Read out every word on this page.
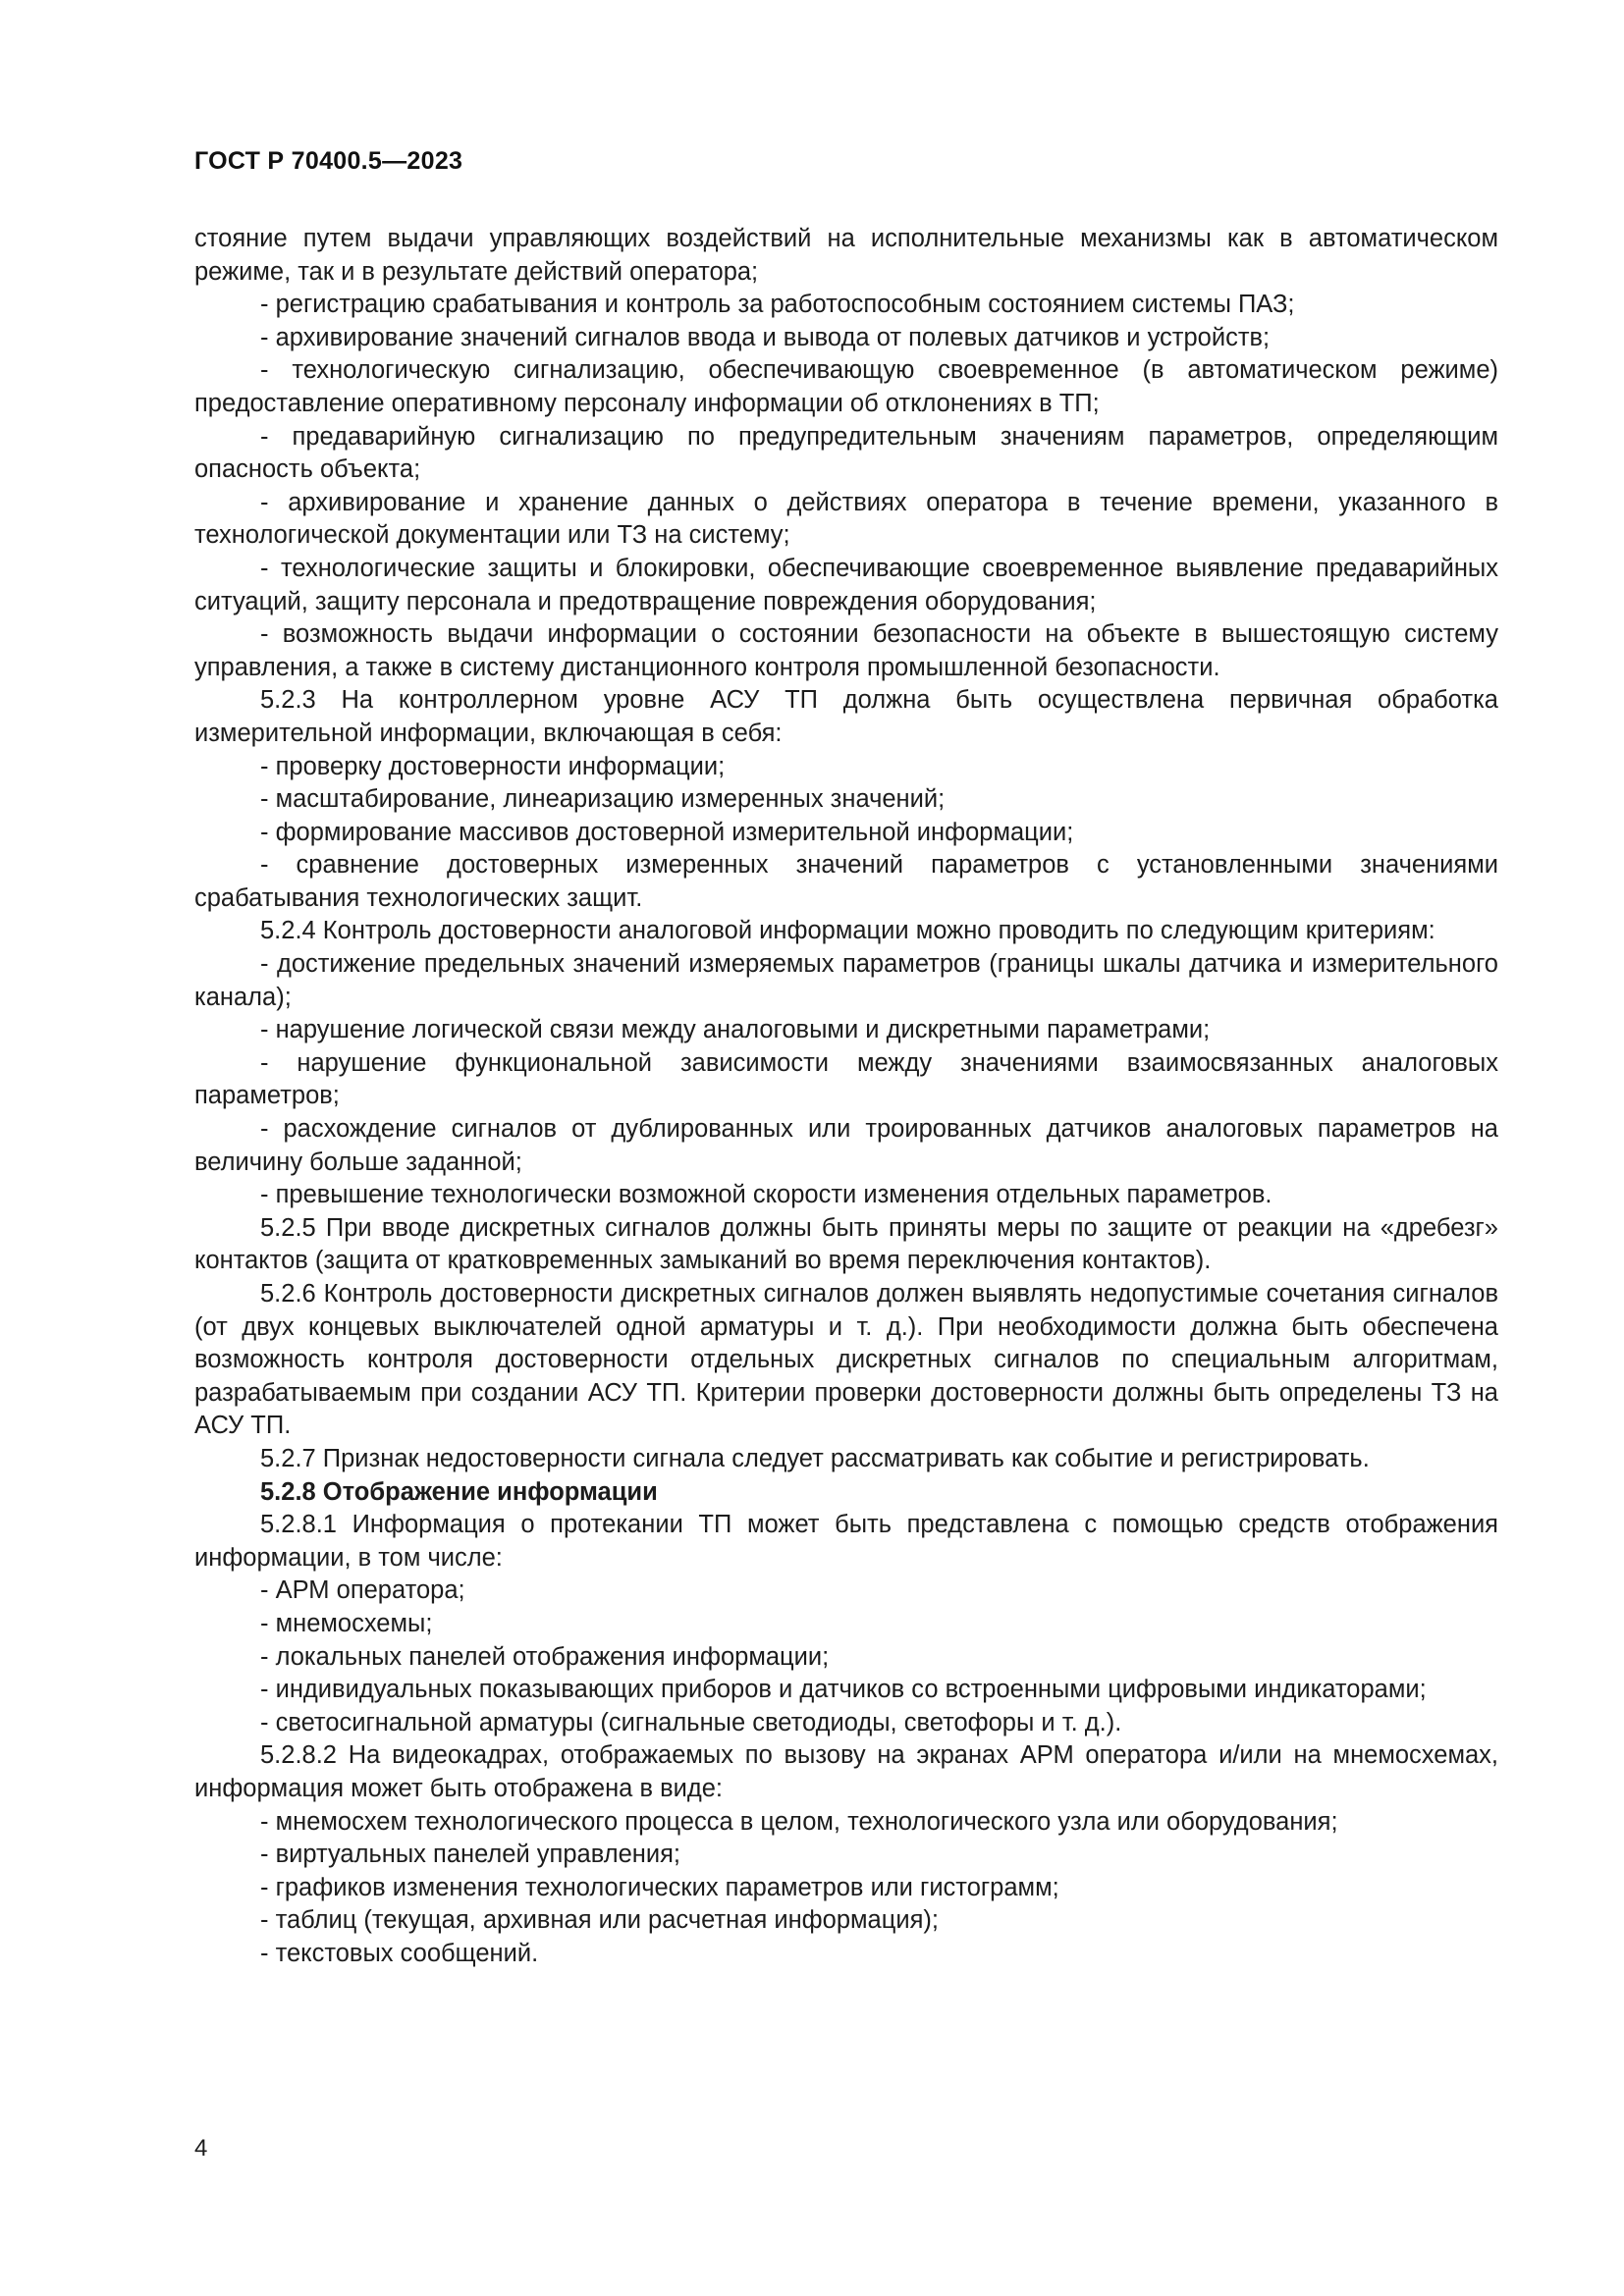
ГОСТ Р 70400.5—2023

стояние путем выдачи управляющих воздействий на исполнительные механизмы как в автоматическом режиме, так и в результате действий оператора;

- регистрацию срабатывания и контроль за работоспособным состоянием системы ПАЗ;

- архивирование значений сигналов ввода и вывода от полевых датчиков и устройств;

- технологическую сигнализацию, обеспечивающую своевременное (в автоматическом режиме) предоставление оперативному персоналу информации об отклонениях в ТП;

- предаварийную сигнализацию по предупредительным значениям параметров, определяющим опасность объекта;

- архивирование и хранение данных о действиях оператора в течение времени, указанного в технологической документации или ТЗ на систему;

- технологические защиты и блокировки, обеспечивающие своевременное выявление предаварийных ситуаций, защиту персонала и предотвращение повреждения оборудования;

- возможность выдачи информации о состоянии безопасности на объекте в вышестоящую систему управления, а также в систему дистанционного контроля промышленной безопасности.

5.2.3 На контроллерном уровне АСУ ТП должна быть осуществлена первичная обработка измерительной информации, включающая в себя:

- проверку достоверности информации;

- масштабирование, линеаризацию измеренных значений;

- формирование массивов достоверной измерительной информации;

- сравнение достоверных измеренных значений параметров с установленными значениями срабатывания технологических защит.

5.2.4 Контроль достоверности аналоговой информации можно проводить по следующим критериям:

- достижение предельных значений измеряемых параметров (границы шкалы датчика и измерительного канала);

- нарушение логической связи между аналоговыми и дискретными параметрами;

- нарушение функциональной зависимости между значениями взаимосвязанных аналоговых параметров;

- расхождение сигналов от дублированных или троированных датчиков аналоговых параметров на величину больше заданной;

- превышение технологически возможной скорости изменения отдельных параметров.

5.2.5 При вводе дискретных сигналов должны быть приняты меры по защите от реакции на «дребезг» контактов (защита от кратковременных замыканий во время переключения контактов).

5.2.6 Контроль достоверности дискретных сигналов должен выявлять недопустимые сочетания сигналов (от двух концевых выключателей одной арматуры и т. д.). При необходимости должна быть обеспечена возможность контроля достоверности отдельных дискретных сигналов по специальным алгоритмам, разрабатываемым при создании АСУ ТП. Критерии проверки достоверности должны быть определены ТЗ на АСУ ТП.

5.2.7 Признак недостоверности сигнала следует рассматривать как событие и регистрировать.

5.2.8 Отображение информации

5.2.8.1 Информация о протекании ТП может быть представлена с помощью средств отображения информации, в том числе:

- АРМ оператора;

- мнемосхемы;

- локальных панелей отображения информации;

- индивидуальных показывающих приборов и датчиков со встроенными цифровыми индикаторами;

- светосигнальной арматуры (сигнальные светодиоды, светофоры и т. д.).

5.2.8.2 На видеокадрах, отображаемых по вызову на экранах АРМ оператора и/или на мнемосхемах, информация может быть отображена в виде:

- мнемосхем технологического процесса в целом, технологического узла или оборудования;

- виртуальных панелей управления;

- графиков изменения технологических параметров или гистограмм;

- таблиц (текущая, архивная или расчетная информация);

- текстовых сообщений.

4
